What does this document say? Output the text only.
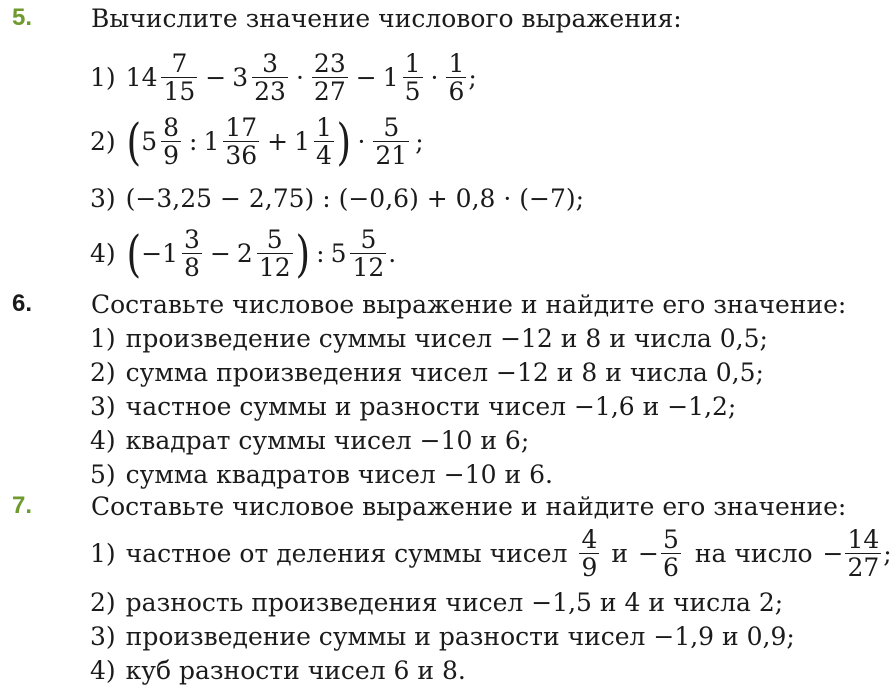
5.	Вычислите значение числового выражения:
1) $14 \frac{7}{15} - 3 \frac{3}{23} \cdot \frac{23}{27} - 1 \frac{1}{5} \cdot \frac{1}{6}$ ;
2) ( $5 \frac{8}{9}$ : $1 \frac{17}{36} + 1 \frac{1}{4}$ ) · $\frac{5}{21}$ ;
3) (−3,25 − 2,75) : (−0,6) + 0,8 · (−7);
4) ( $-1 \frac{3}{8} - 2 \frac{5}{12}$ ) : $5 \frac{5}{12}$ .
6.	Составьте числовое выражение и найдите его значение:
1) произведение суммы чисел −12 и 8 и числа 0,5;
2) сумма произведения чисел −12 и 8 и числа 0,5;
3) частное суммы и разности чисел −1,6 и −1,2;
4) квадрат суммы чисел −10 и 6;
5) сумма квадратов чисел −10 и 6.
7.	Составьте числовое выражение и найдите его значение:
1) частное от деления суммы чисел $\frac{4}{9}$ $и - \frac{5}{6}$ на число − $\frac{14}{27}$ ;
2) разность произведения чисел −1,5 и 4 и числа 2;
3) произведение суммы и разности чисел −1,9 и 0,9;
4) куб разности чисел 6 и 8.
